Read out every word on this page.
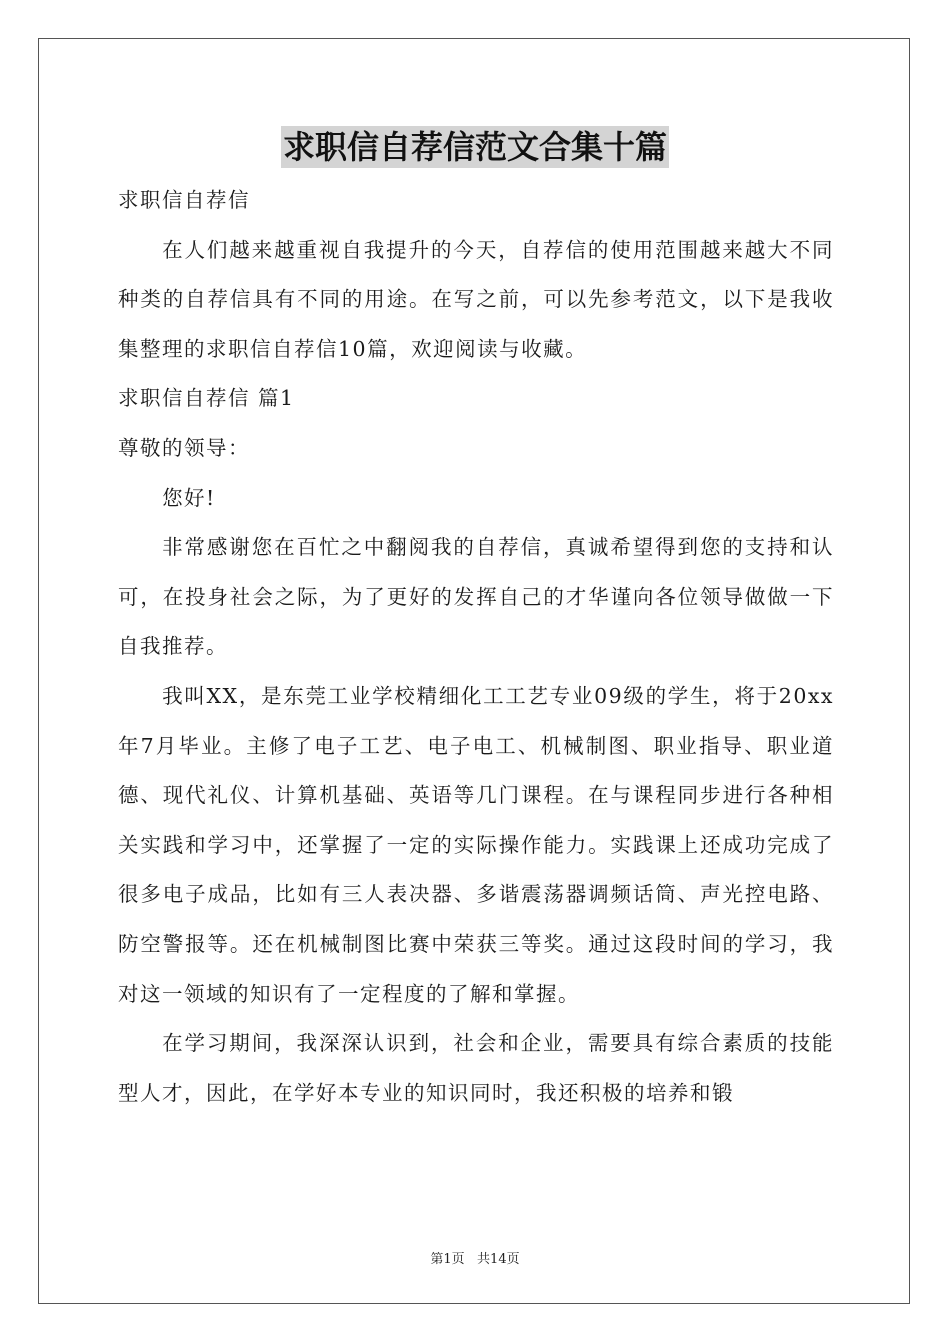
求职信自荐信范文合集十篇

求职信自荐信

在人们越来越重视自我提升的今天，自荐信的使用范围越来越大不同种类的自荐信具有不同的用途。在写之前，可以先参考范文，以下是我收集整理的求职信自荐信10篇，欢迎阅读与收藏。

求职信自荐信 篇1

尊敬的领导：

您好!

非常感谢您在百忙之中翻阅我的自荐信，真诚希望得到您的支持和认可，在投身社会之际，为了更好的发挥自己的才华谨向各位领导做做一下自我推荐。

我叫XX，是东莞工业学校精细化工工艺专业09级的学生，将于20xx年7月毕业。主修了电子工艺、电子电工、机械制图、职业指导、职业道德、现代礼仪、计算机基础、英语等几门课程。在与课程同步进行各种相关实践和学习中，还掌握了一定的实际操作能力。实践课上还成功完成了很多电子成品，比如有三人表决器、多谐震荡器调频话筒、声光控电路、防空警报等。还在机械制图比赛中荣获三等奖。通过这段时间的学习，我对这一领域的知识有了一定程度的了解和掌握。

在学习期间，我深深认识到，社会和企业，需要具有综合素质的技能型人才，因此，在学好本专业的知识同时，我还积极的培养和锻

第1页   共14页
